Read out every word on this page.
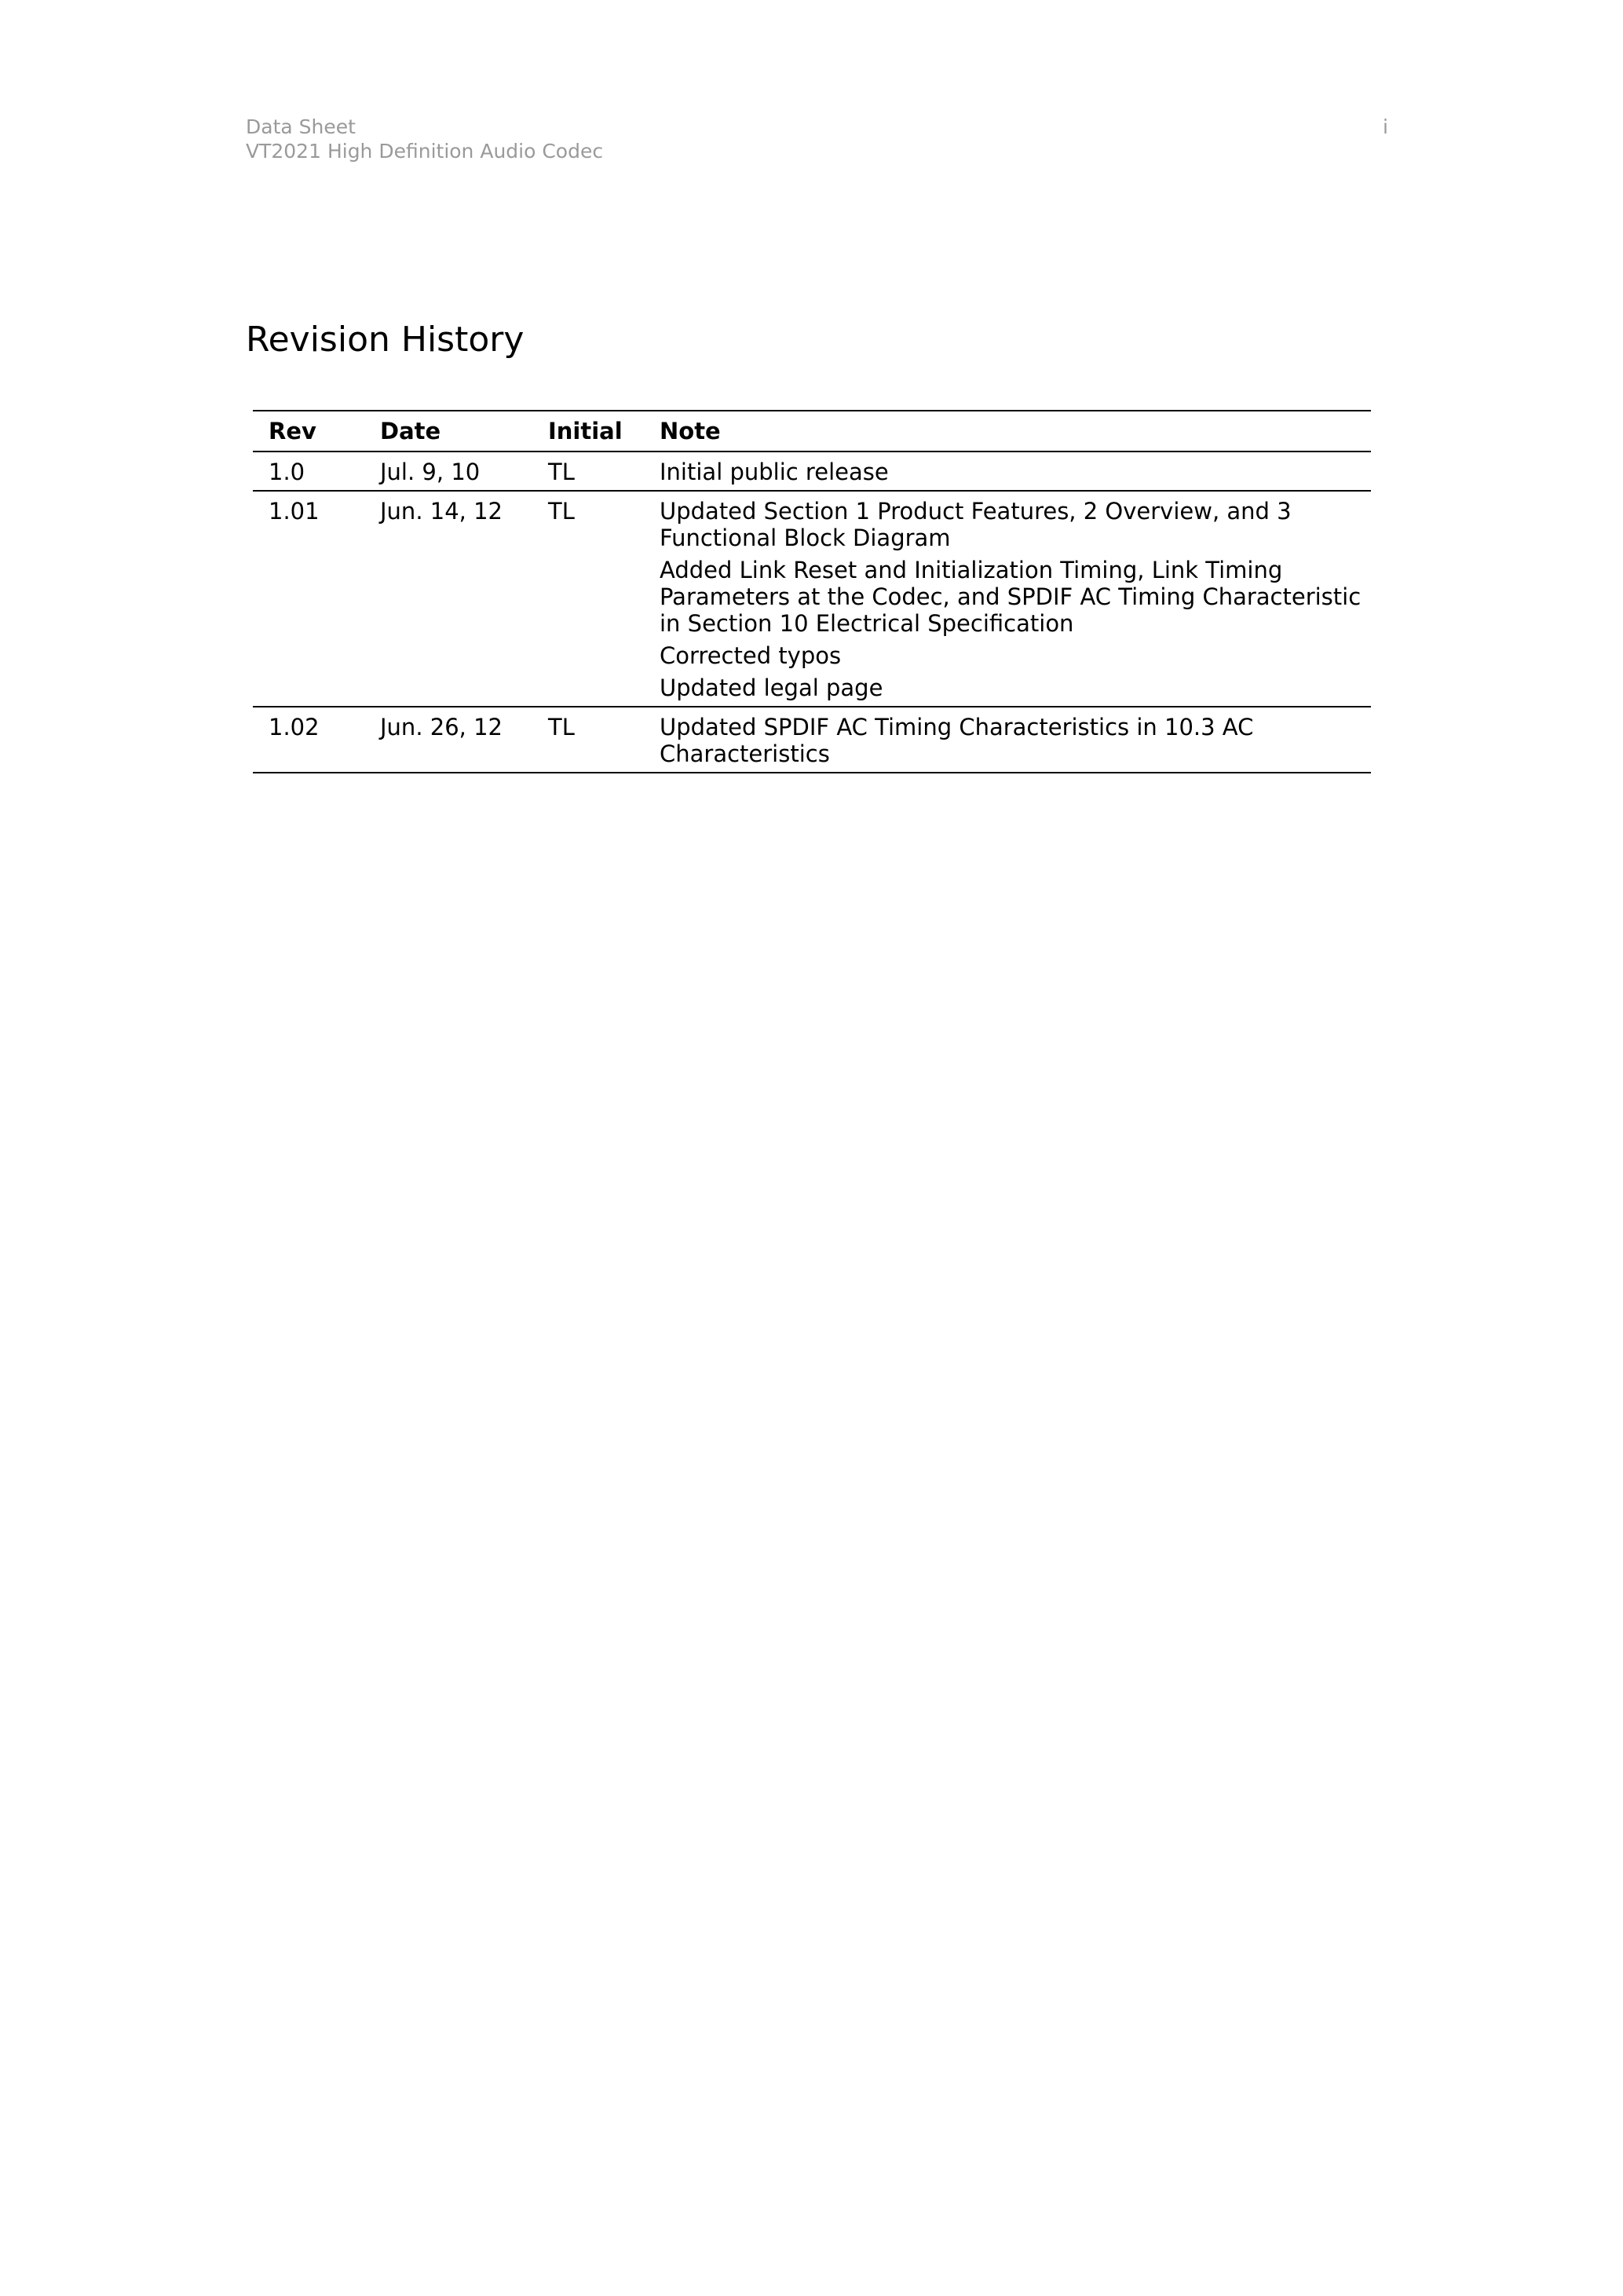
Data Sheet
VT2021 High Definition Audio Codec
i
Revision History
Rev	Date	Initial	Note
1.0	Jul. 9, 10	TL	Initial public release

1.01	Jun. 14, 12	TL	Updated Section 1 Product Features, 2 Overview, and 3 Functional Block Diagram
Added Link Reset and Initialization Timing, Link Timing Parameters at the Codec, and SPDIF AC Timing Characteristic in Section 10 Electrical Specification
Corrected typos
Updated legal page

1.02	Jun. 26, 12	TL	Updated SPDIF AC Timing Characteristics in 10.3 AC Characteristics
